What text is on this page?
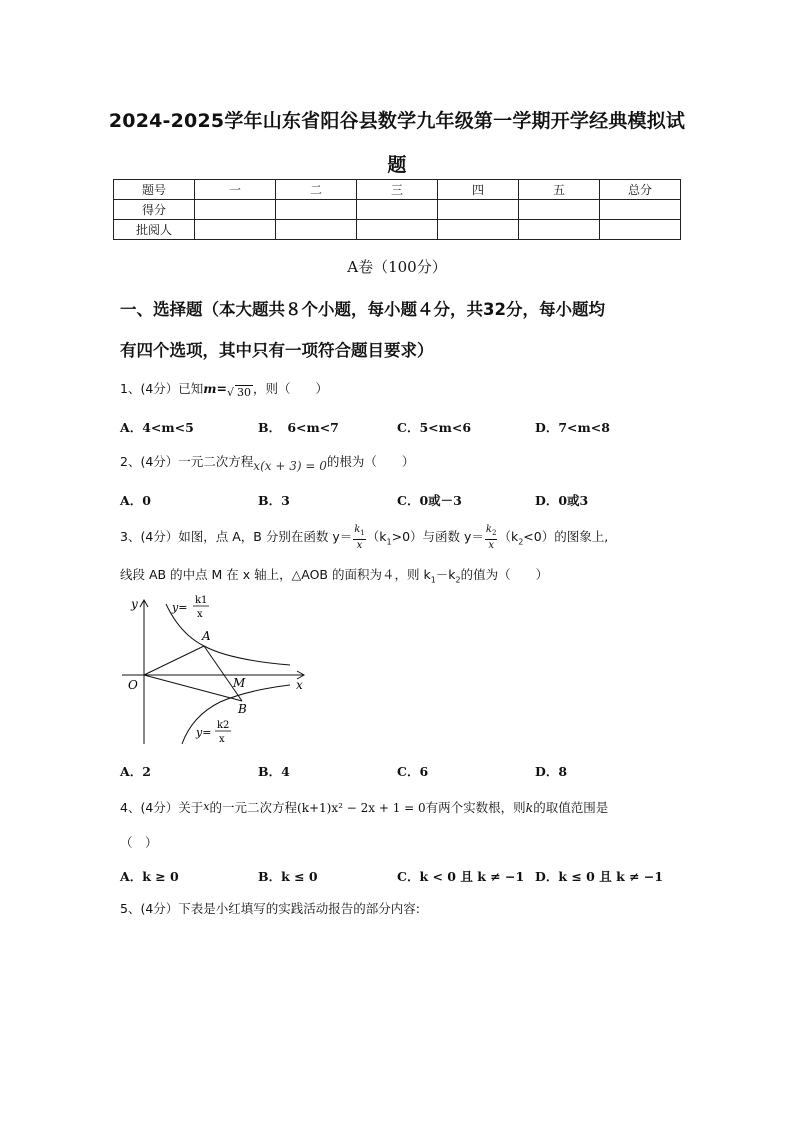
2024-2025学年山东省阳谷县数学九年级第一学期开学经典模拟试
题
题号	一	二	三	四	五	总分
得分						
批阅人						
A卷（100分）
一、选择题（本大题共８个小题，每小题４分，共32分，每小题均
有四个选项，其中只有一项符合题目要求）
1、(4分）已知m=√ 30 ，则（　　）
A．4<m<5	B．　6<m<7	C．5<m<6	D．7<m<8
2、(4分）一元二次方程x(x + 3) = 0的根为（　　）
A．0	B．3	C．0或－3	D．0或3
3、(4分）如图，点 A，B 分别在函数 $y= \frac{k_1}{x} (k_1>0)$与函数 $y= \frac{k_2}{x} (k_2<0)$的图象上,
线段 AB 的中点 M 在 x 轴上，△AOB 的面积为４，则 $k_1-k_2$的值为（　　）
y
x
O
A
B
M
y=
k1
x
y=
k2
x
A．2	B．4	C．6	D．8
4、(4分）关于x的一元二次方程(k+1)x² − 2x + 1 = 0有两个实数根，则k的取值范围是
（　）
A．k ≥ 0	B．k ≤ 0	C．k < 0 且 k ≠ −1 D．k ≤ 0 且 k ≠ −1
5、(4分）下表是小红填写的实践活动报告的部分内容:
